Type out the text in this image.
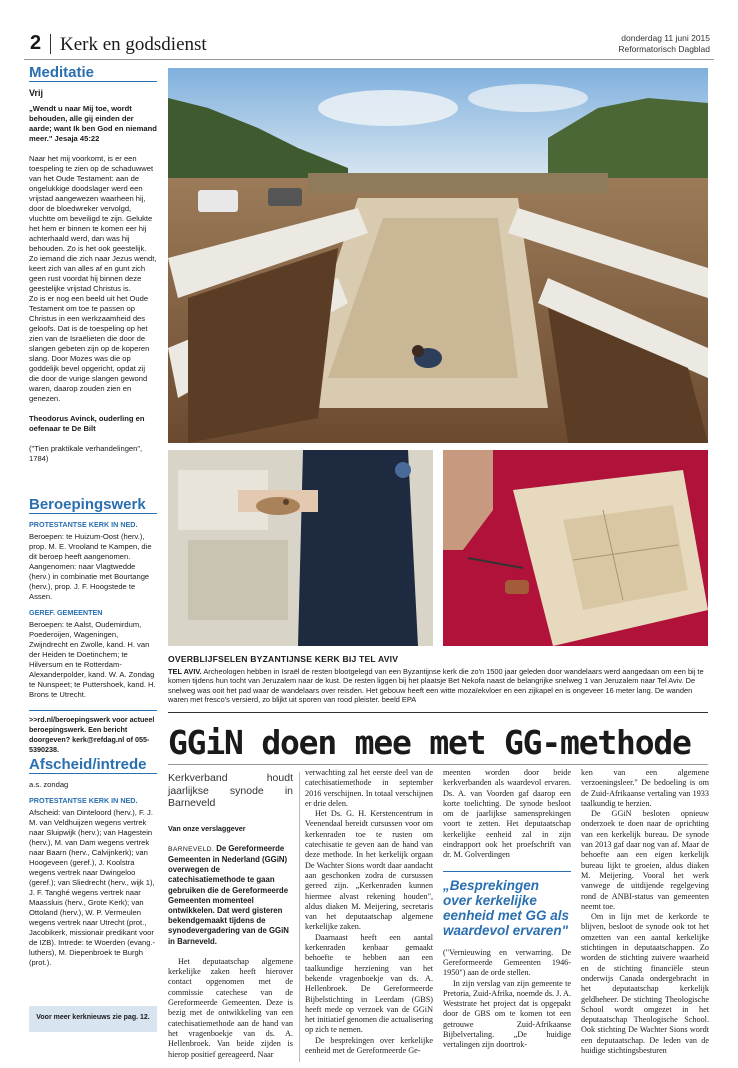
2 Kerk en godsdienst	donderdag 11 juni 2015
Reformatorisch Dagblad
Meditatie
Vrij
„Wendt u naar Mij toe, wordt behouden, alle gij einden der aarde; want Ik ben God en niemand meer." Jesaja 45:22

Naar het mij voorkomt, is er een toespeling te zien op de schaduwwet van het Oude Testament: aan de ongelukkige doodslager werd een vrijstad aangewezen waarheen hij, door de bloedwreker vervolgd, vluchtte om beveiligd te zijn. Gelukte het hem er binnen te komen eer hij achterhaald werd, dan was hij behouden. Zo is het ook geestelijk. Zo iemand die zich naar Jezus wendt, keert zich van alles af en gunt zich geen rust voordat hij binnen deze geestelijke vrijstad Christus is.

Zo is er nog een beeld uit het Oude Testament om toe te passen op Christus in een werkzaamheid des geloofs. Dat is de toespeling op het zien van de Israëlieten die door de slangen gebeten zijn op de koperen slang. Door Mozes was die op goddelijk bevel opgericht, opdat zij die door de vurige slangen gewond waren, daarop zouden zien en genezen.

Theodorus Avinck, ouderling en oefenaar te De Bilt
("Tien praktikale verhandelingen", 1784)
Beroepingswerk
PROTESTANTSE KERK IN NED.

Beroepen: te Huizum-Oost (herv.), prop. M. E. Vrooland te Kampen, die dit beroep heeft aangenomen. Aangenomen: naar Vlagtwedde (herv.) in combinatie met Bourtange (herv.), prop. J. F. Hoogstede te Assen.

GEREF. GEMEENTEN

Beroepen: te Aalst, Oudemirdum, Poederoijen, Wageningen, Zwijndrecht en Zwolle, kand. H. van der Heiden te Doetinchem; te Hilversum en te Rotterdam-Alexanderpolder, kand. W. A. Zondag te Nunspeet; te Puttershoek, kand. H. Brons te Utrecht.

>>rd.nl/beroepingswerk voor actueel beroepingswerk. Een bericht doorgeven? kerk@refdag.nl of 055-5390238.
Afscheid/intrede
a.s. zondag
PROTESTANTSE KERK IN NED.

Afscheid: van Dinteloord (herv.), F. J. M. van Veldhuijzen wegens vertrek naar Sluipwijk (herv.); van Hagestein (herv.), M. van Dam wegens vertrek naar Baarn (herv., Calvijnkerk); van Hoogeveen (geref.), J. Koolstra wegens vertrek naar Dwingeloo (geref.); van Sliedrecht (herv., wijk 1), J. F. Tanghé wegens vertrek naar Maassluis (herv., Grote Kerk); van Ottoland (herv.), W. P. Vermeulen wegens vertrek naar Utrecht (prot., Jacobikerk, missionair predikant voor de IZB). Intrede: te Woerden (evang.-luthers), M. Diepenbroek te Burgh (prot.).

Voor meer kerknieuws zie pag. 12.
OVERBLIJFSELEN BYZANTIJNSE KERK BIJ TEL AVIV
TEL AVIV. Archeologen hebben in Israël de resten blootgelegd van een Byzantijnse kerk die zo'n 1500 jaar geleden door wandelaars werd aangedaan om een bij te komen tijdens hun tocht van Jeruzalem naar de kust. De resten liggen bij het plaatsje Bet Nekofa naast de belangrijke snelweg 1 van Jeruzalem naar Tel Aviv. De snelweg was ooit het pad waar de wandelaars over reisden. Het gebouw heeft een witte mozaïekvloer en een zijkapel en is ongeveer 16 meter lang. De wanden waren met fresco's versierd, zo blijkt uit sporen van rood pleister. beeld EPA
GGiN doen mee met GG-methode
Kerkverband houdt jaarlijkse synode in Barneveld
Van onze verslaggever
BARNEVELD. De Gereformeerde Gemeenten in Nederland (GGiN) overwegen de catechisatiemethode te gaan gebruiken die de Gereformeerde Gemeenten momenteel ontwikkelen. Dat werd gisteren bekendgemaakt tijdens de synodevergadering van de GGiN in Barneveld.

Het deputaatschap algemene kerkelijke zaken heeft hierover contact opgenomen met de commissie catechese van de Gereformeerde Gemeenten. Deze is bezig met de ontwikkeling van een catechisatiemethode aan de hand van het vragenboekje van ds. A. Hellenbroek. Van beide zijden is hierop positief gereageerd. Naar

verwachting zal het eerste deel van de catechisatiemethode in september 2016 verschijnen. In totaal verschijnen er drie delen.

Het Ds. G. H. Kerstencentrum in Veenendaal bereidt cursussen voor om kerkenraden toe te rusten om catechisatie te geven aan de hand van deze methode. In het kerkelijk orgaan De Wachter Sions wordt daar aandacht aan geschonken zodra de cursussen gereed zijn. „Kerkenraden kunnen hiermee alvast rekening houden", aldus diaken M. Meijering, secretaris van het deputaatschap algemene kerkelijke zaken.

Daarnaast heeft een aantal kerkenraden kenbaar gemaakt behoefte te hebben aan een taalkundige herziening van het bekende vragenboekje van ds. A. Hellenbroek. De Gereformeerde Bijbelstichting in Leerdam (GBS) heeft mede op verzoek van de GGiN het initiatief genomen die actualisering op zich te nemen.

De besprekingen over kerkelijke eenheid met de Gereformeerde Ge-

meenten worden door beide kerkverbanden als waardevol ervaren. Ds. A. van Voorden gaf daarop een korte toelichting. De synode besloot om de jaarlijkse samensprekingen voort te zetten. Het deputaatschap kerkelijke eenheid zal in zijn eindrapport ook het proefschrift van dr. M. Golverdingen

„Besprekingen over kerkelijke eenheid met GG als waardevol ervaren"

("Vernieuwing en verwarring. De Gereformeerde Gemeenten 1946-1950") aan de orde stellen.

In zijn verslag van zijn gemeente te Pretoria, Zuid-Afrika, noemde ds. J. A. Weststrate het project dat is opgepakt door de GBS om te komen tot een getrouwe Zuid-Afrikaanse Bijbelvertaling. „De huidige vertalingen zijn doortrok-

ken van een algemene verzoeningsleer." De bedoeling is om de Zuid-Afrikaanse vertaling van 1933 taalkundig te herzien.

De GGiN besloten opnieuw onderzoek te doen naar de oprichting van een kerkelijk bureau. De synode van 2013 gaf daar nog van af. Maar de behoefte aan een eigen kerkelijk bureau lijkt te groeien, aldus diaken M. Meijering. Vooral het werk vanwege de uitdijende regelgeving rond de ANBI-status van gemeenten neemt toe.

Om in lijn met de kerkorde te blijven, besloot de synode ook tot het omzetten van een aantal kerkelijke stichtingen in deputaatschappen. Zo worden de stichting zuivere waarheid en de stichting financiële steun onderwijs Canada ondergebracht in het deputaatschap kerkelijk geldbeheer. De stichting Theologische School wordt omgezet in het deputaatschap Theologische School. Ook stichting De Wachter Sions wordt een deputaatschap. De leden van de huidige stichtingsbesturen
